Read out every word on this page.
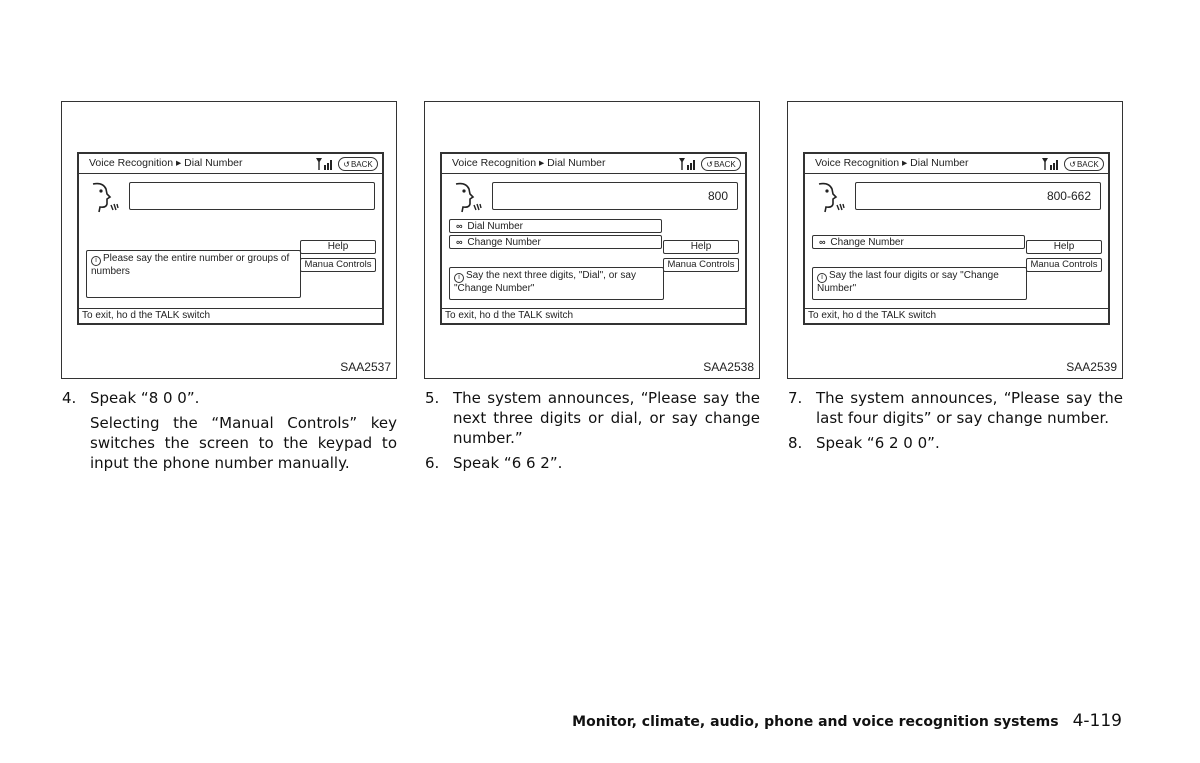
Voice Recognition ▸ Dial Number	↺ BACK
Help
Manua Controls
i Please say the entire number or groups of numbers
To exit, ho d the TALK switch
SAA2537
Voice Recognition ▸ Dial Number	↺ BACK
800
∞ Dial Number
∞ Change Number	Help
Manua Controls
i Say the next three digits, "Dial", or say "Change Number"
To exit, ho d the TALK switch
SAA2538
Voice Recognition ▸ Dial Number	↺ BACK
800-662
∞ Change Number	Help
Manua Controls
i Say the last four digits or say "Change Number"
To exit, ho d the TALK switch
SAA2539
4. Speak “8 0 0”.
Selecting the “Manual Controls” key switches the screen to the keypad to input the phone number manually.
5. The system announces, “Please say the next three digits or dial, or say change number.”
6. Speak “6 6 2”.
7. The system announces, “Please say the last four digits” or say change number.
8. Speak “6 2 0 0”.
Monitor, climate, audio, phone and voice recognition systems 4-119
